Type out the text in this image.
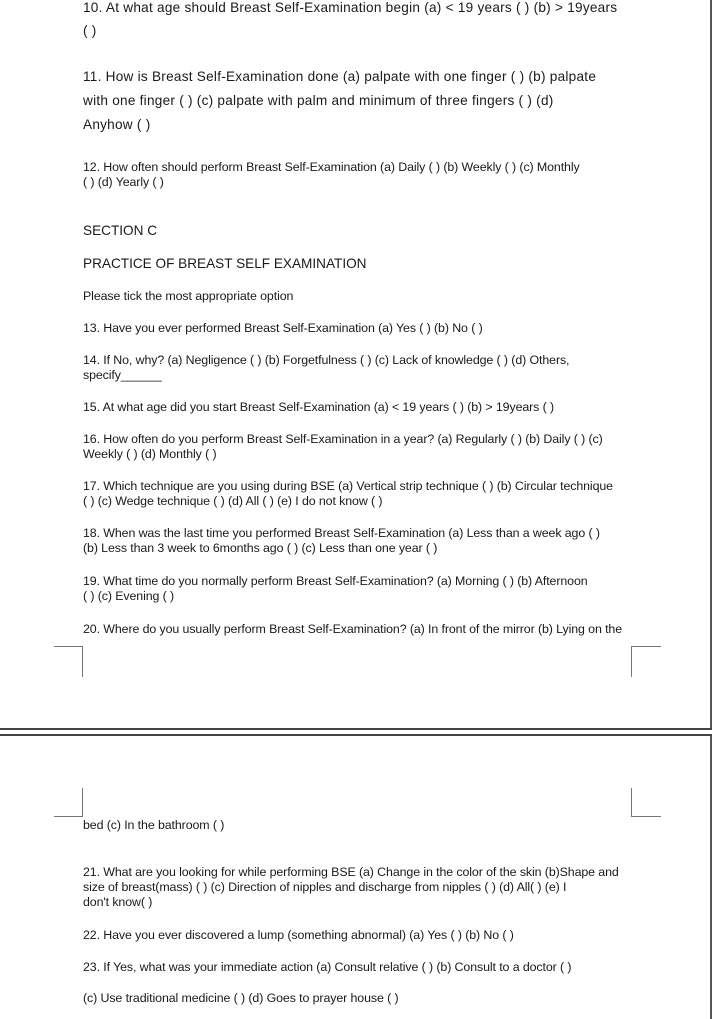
10. At what age should Breast Self-Examination begin (a) < 19 years ( ) (b) > 19years
( )
11. How is Breast Self-Examination done (a) palpate with one finger ( ) (b) palpate
with one finger ( ) (c) palpate with palm and minimum of three fingers ( ) (d)
Anyhow ( )
12. How often should perform Breast Self-Examination (a) Daily ( ) (b) Weekly ( ) (c) Monthly
( ) (d) Yearly ( )
SECTION C
PRACTICE OF BREAST SELF EXAMINATION
Please tick the most appropriate option
13. Have you ever performed Breast Self-Examination (a) Yes ( ) (b) No ( )
14. If No, why? (a) Negligence ( ) (b) Forgetfulness ( ) (c) Lack of knowledge ( ) (d) Others,
specify______
15. At what age did you start Breast Self-Examination (a) < 19 years ( ) (b) > 19years ( )
16. How often do you perform Breast Self-Examination in a year? (a) Regularly ( ) (b) Daily ( ) (c)
Weekly ( ) (d) Monthly ( )
17. Which technique are you using during BSE (a) Vertical strip technique ( ) (b) Circular technique
( ) (c) Wedge technique ( ) (d) All ( ) (e) I do not know ( )
18. When was the last time you performed Breast Self-Examination (a) Less than a week ago ( )
(b) Less than 3 week to 6months ago ( ) (c) Less than one year ( )
19. What time do you normally perform Breast Self-Examination? (a) Morning ( ) (b) Afternoon
( ) (c) Evening ( )
20. Where do you usually perform Breast Self-Examination? (a) In front of the mirror (b) Lying on the
bed (c) In the bathroom ( )
21. What are you looking for while performing BSE (a) Change in the color of the skin (b)Shape and
size of breast(mass) ( ) (c) Direction of nipples and discharge from nipples ( ) (d) All( ) (e) I
don't know( )
22. Have you ever discovered a lump (something abnormal) (a) Yes ( ) (b) No ( )
23. If Yes, what was your immediate action (a) Consult relative ( ) (b) Consult to a doctor ( )
(c) Use traditional medicine ( ) (d) Goes to prayer house ( )
